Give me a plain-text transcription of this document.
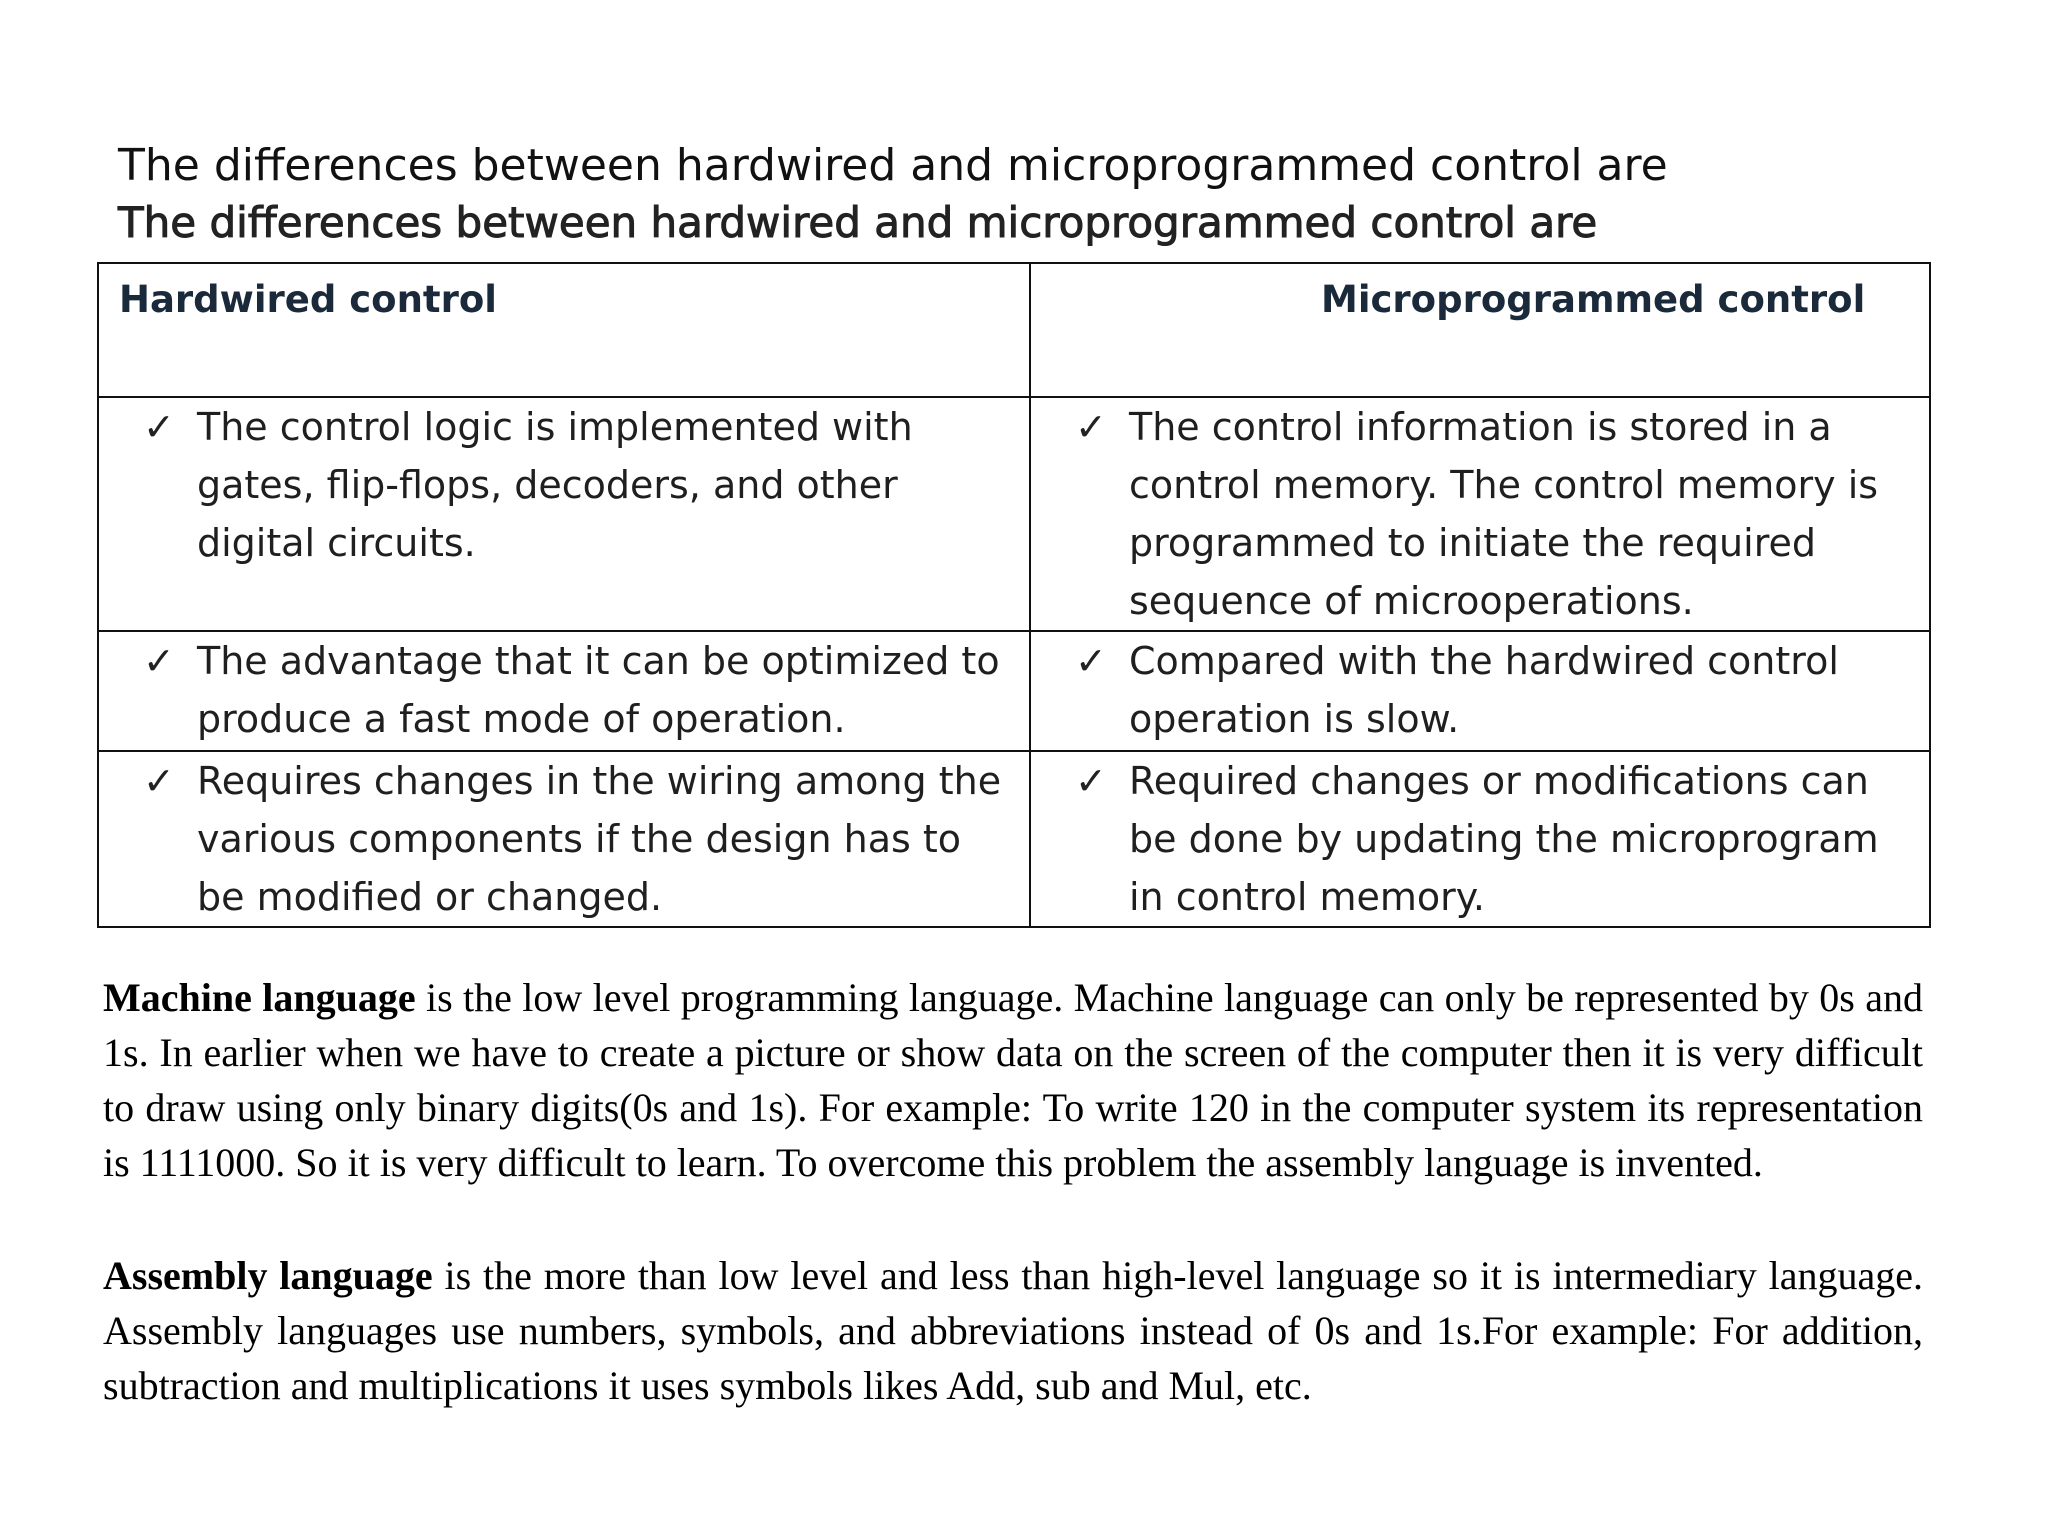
The differences between hardwired and microprogrammed control are
The differences between hardwired and microprogrammed control are
Hardwired control	Microprogrammed control

✓ The control logic is implemented with gates, flip-flops, decoders, and other digital circuits.	✓ The control information is stored in a control memory. The control memory is programmed to initiate the required sequence of microoperations.

✓ The advantage that it can be optimized to produce a fast mode of operation.	✓ Compared with the hardwired control operation is slow.

✓ Requires changes in the wiring among the various components if the design has to be modified or changed.	✓ Required changes or modifications can be done by updating the microprogram in control memory.

Machine language is the low level programming language. Machine language can only be represented by 0s and 1s. In earlier when we have to create a picture or show data on the screen of the computer then it is very difficult to draw using only binary digits(0s and 1s). For example: To write 120 in the computer system its representation is 1111000. So it is very difficult to learn. To overcome this problem the assembly language is invented.

Assembly language is the more than low level and less than high-level language so it is intermediary language. Assembly languages use numbers, symbols, and abbreviations instead of 0s and 1s.For example: For addition, subtraction and multiplications it uses symbols likes Add, sub and Mul, etc.
